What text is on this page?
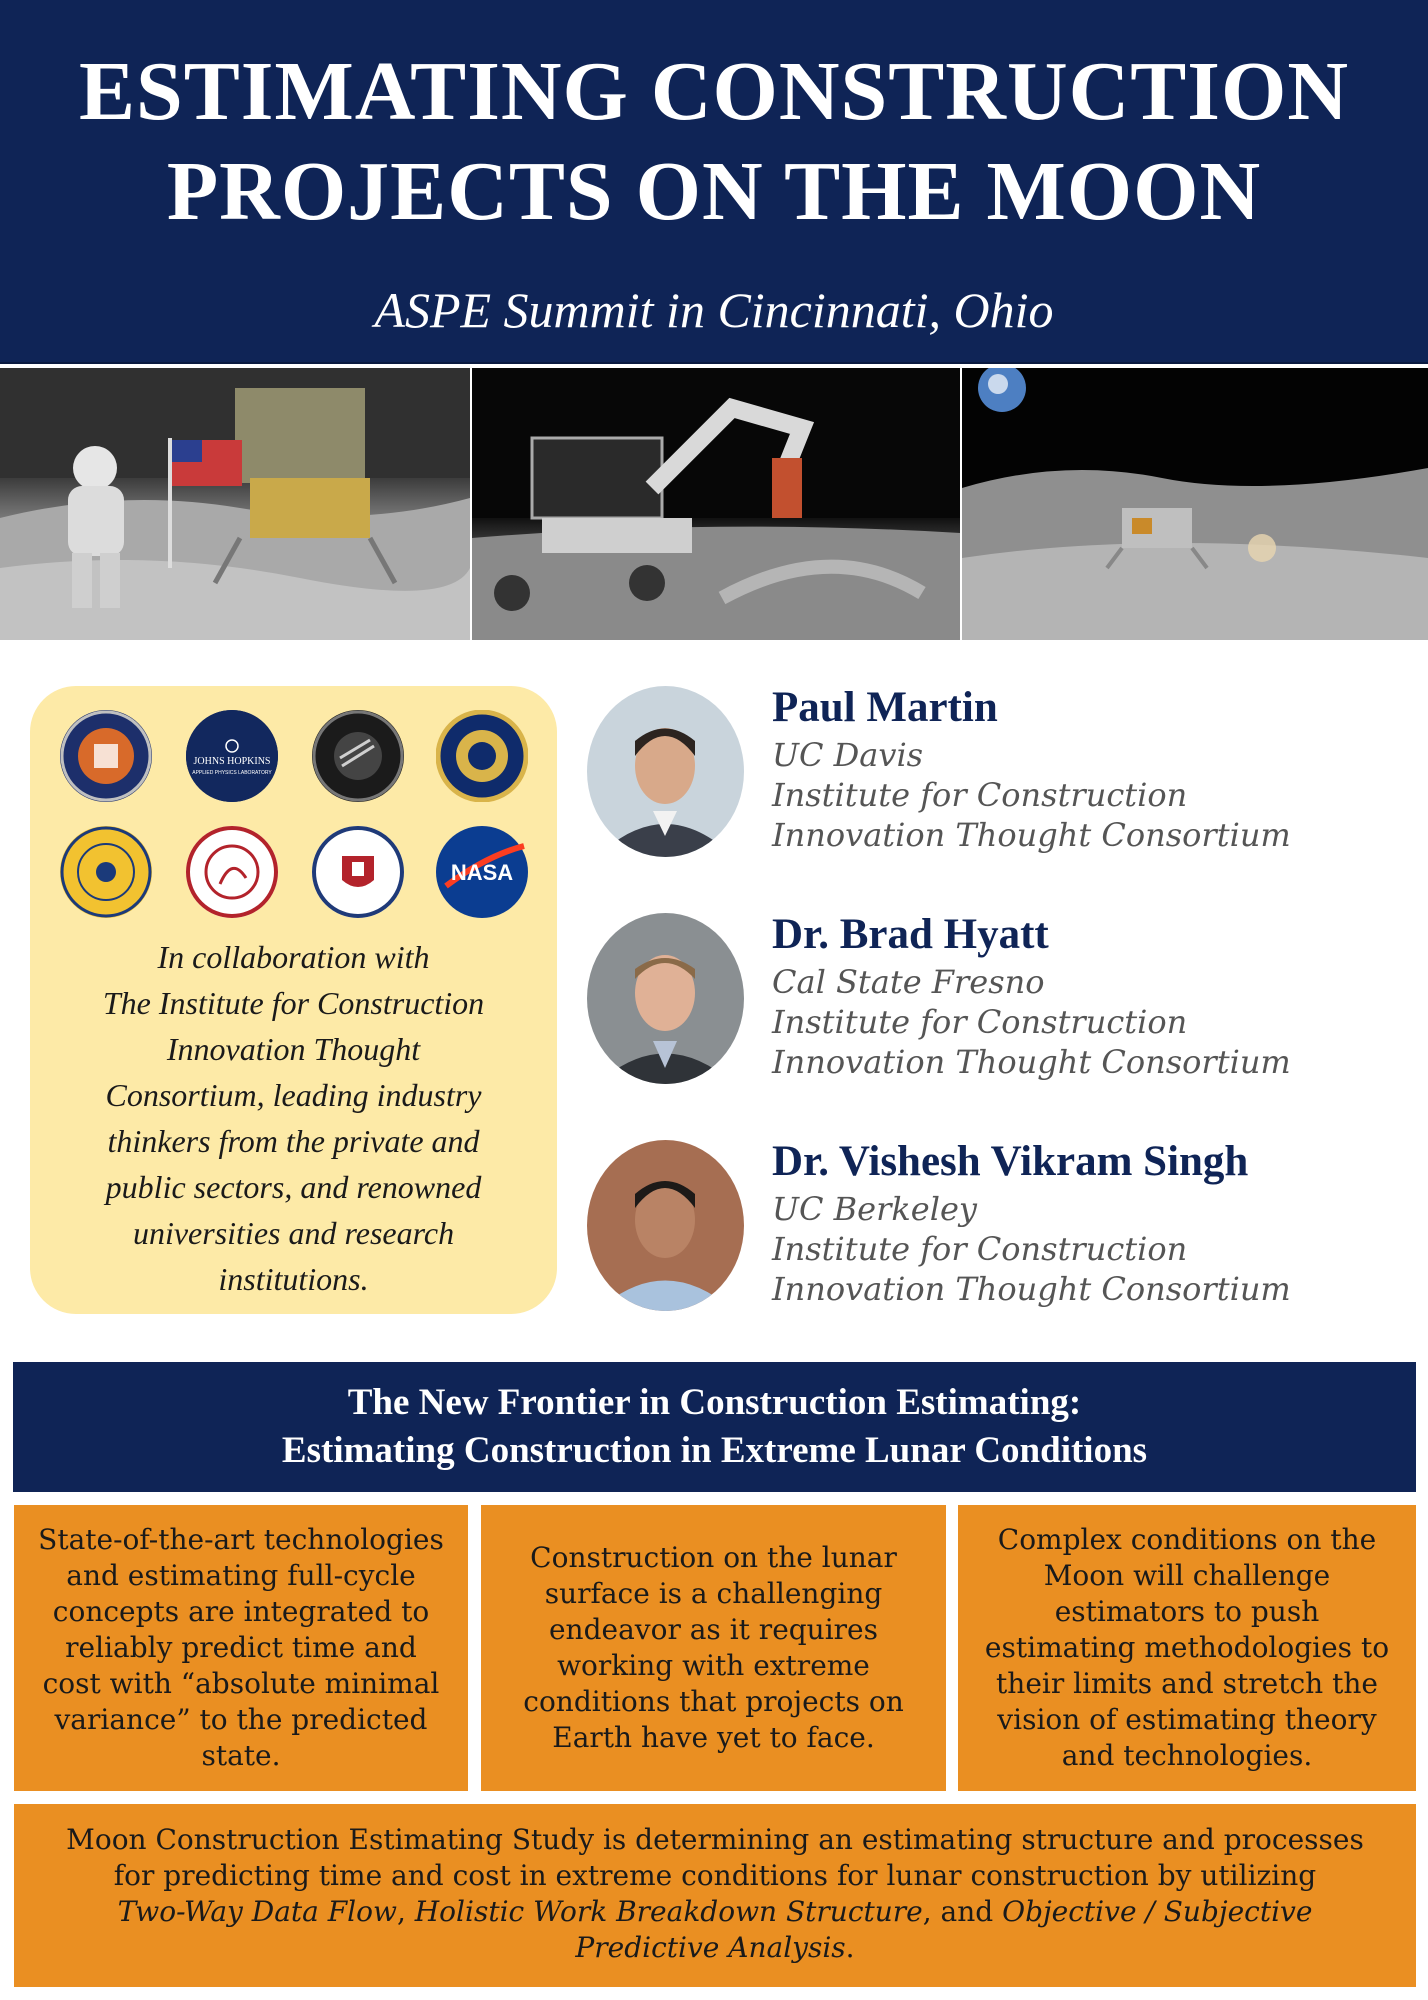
ESTIMATING CONSTRUCTION
PROJECTS ON THE MOON
ASPE Summit in Cincinnati, Ohio
JOHNS HOPKINS
APPLIED PHYSICS LABORATORY
NASA
In collaboration with
The Institute for Construction
Innovation Thought
Consortium, leading industry
thinkers from the private and
public sectors, and renowned
universities and research
institutions.
Paul Martin
UC Davis
Institute for Construction
Innovation Thought Consortium
Dr. Brad Hyatt
Cal State Fresno
Institute for Construction
Innovation Thought Consortium
Dr. Vishesh Vikram Singh
UC Berkeley
Institute for Construction
Innovation Thought Consortium
The New Frontier in Construction Estimating:
Estimating Construction in Extreme Lunar Conditions
State-of-the-art technologies
and estimating full-cycle
concepts are integrated to
reliably predict time and
cost with “absolute minimal
variance” to the predicted
state.
Construction on the lunar
surface is a challenging
endeavor as it requires
working with extreme
conditions that projects on
Earth have yet to face.
Complex conditions on the
Moon will challenge
estimators to push
estimating methodologies to
their limits and stretch the
vision of estimating theory
and technologies.
Moon Construction Estimating Study is determining an estimating structure and processes
for predicting time and cost in extreme conditions for lunar construction by utilizing
Two-Way Data Flow, Holistic Work Breakdown Structure, and Objective / Subjective
Predictive Analysis.
